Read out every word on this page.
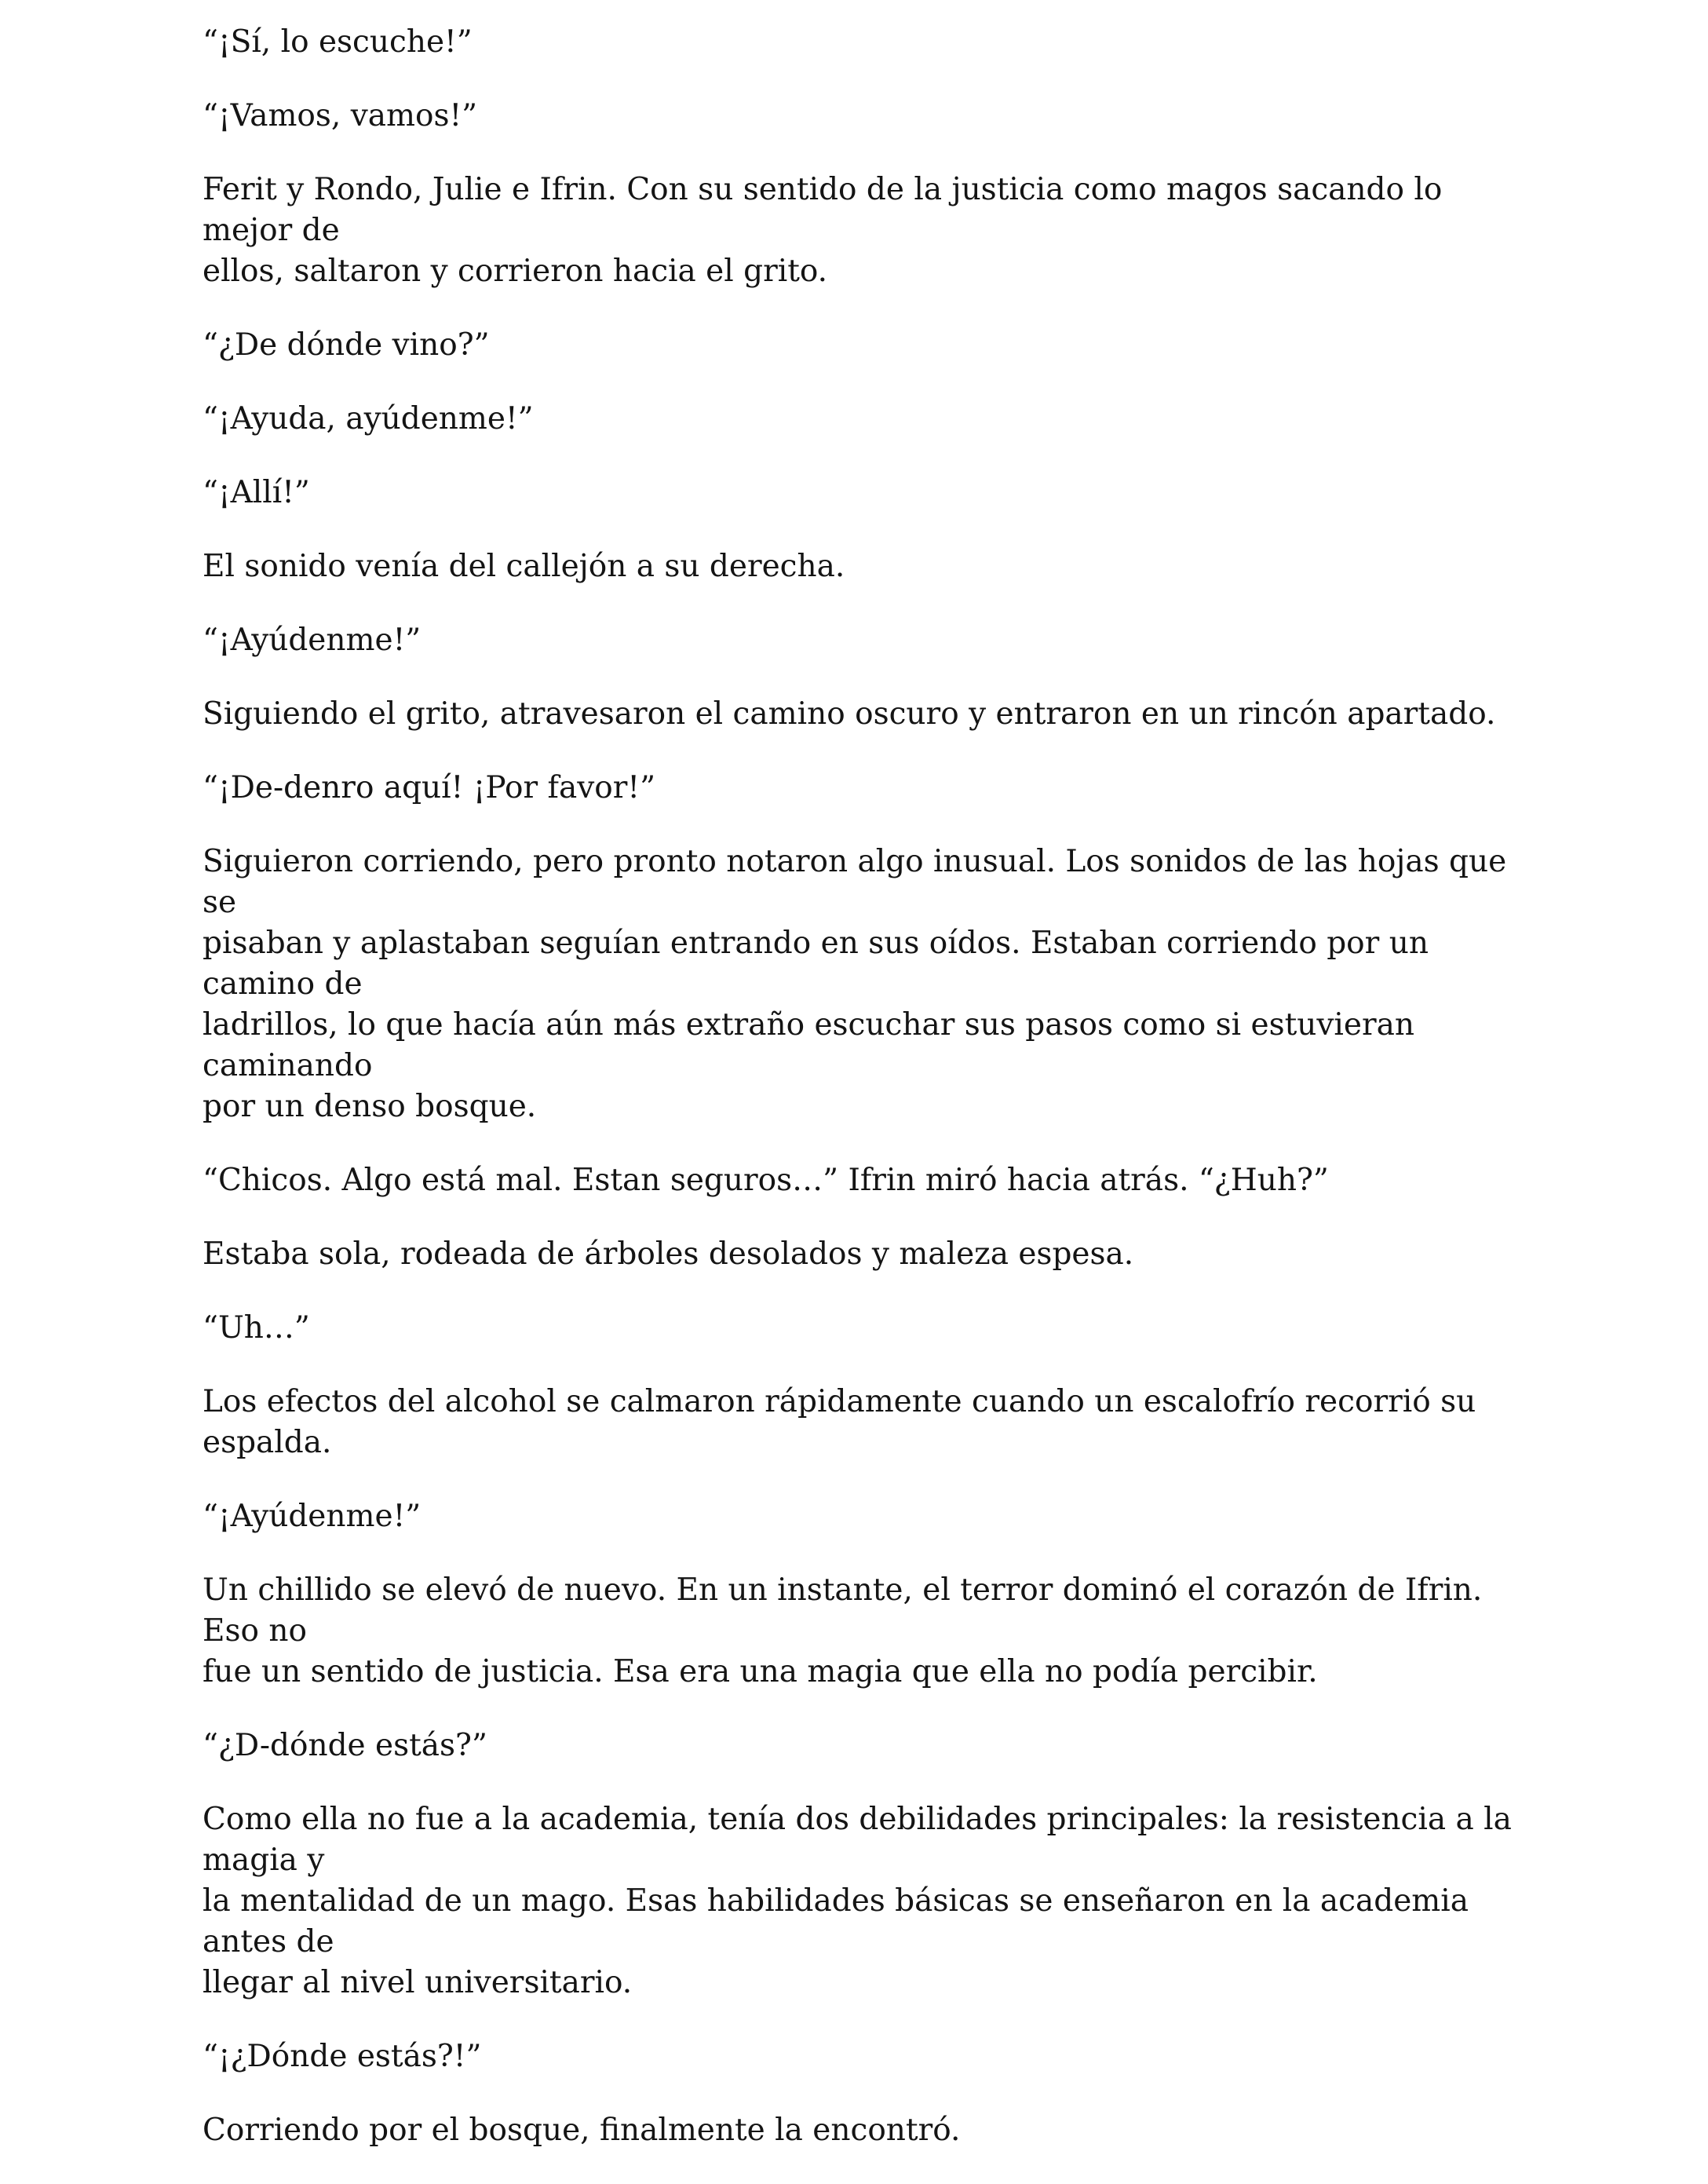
“¡Sí, lo escuche!”

“¡Vamos, vamos!”

Ferit y Rondo, Julie e Ifrin. Con su sentido de la justicia como magos sacando lo mejor de
ellos, saltaron y corrieron hacia el grito.

“¿De dónde vino?”

“¡Ayuda, ayúdenme!”

“¡Allí!”

El sonido venía del callejón a su derecha.

“¡Ayúdenme!”

Siguiendo el grito, atravesaron el camino oscuro y entraron en un rincón apartado.

“¡De-denro aquí! ¡Por favor!”

Siguieron corriendo, pero pronto notaron algo inusual. Los sonidos de las hojas que se
pisaban y aplastaban seguían entrando en sus oídos. Estaban corriendo por un camino de
ladrillos, lo que hacía aún más extraño escuchar sus pasos como si estuvieran caminando
por un denso bosque.

“Chicos. Algo está mal. Estan seguros…” Ifrin miró hacia atrás. “¿Huh?”

Estaba sola, rodeada de árboles desolados y maleza espesa.

“Uh…”

Los efectos del alcohol se calmaron rápidamente cuando un escalofrío recorrió su espalda.

“¡Ayúdenme!”

Un chillido se elevó de nuevo. En un instante, el terror dominó el corazón de Ifrin. Eso no
fue un sentido de justicia. Esa era una magia que ella no podía percibir.

“¿D-dónde estás?”

Como ella no fue a la academia, tenía dos debilidades principales: la resistencia a la magia y
la mentalidad de un mago. Esas habilidades básicas se enseñaron en la academia antes de
llegar al nivel universitario.

“¡¿Dónde estás?!”

Corriendo por el bosque, finalmente la encontró.
